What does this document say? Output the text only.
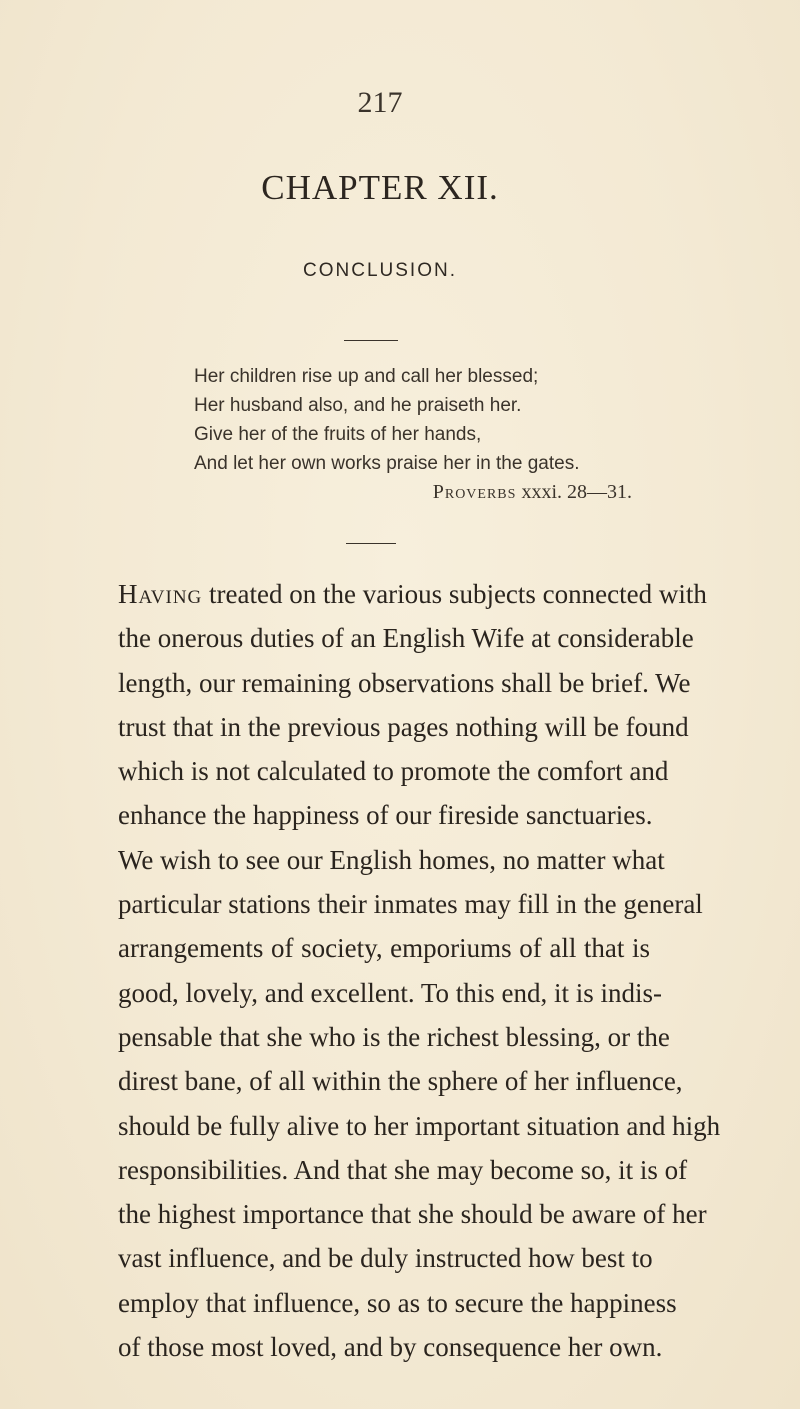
217
CHAPTER XII.
CONCLUSION.
Her children rise up and call her blessed;
Her husband also, and he praiseth her.
Give her of the fruits of her hands,
And let her own works praise her in the gates.
Proverbs xxxi. 28—31.
Having treated on the various subjects connected with
the onerous duties of an English Wife at considerable
length, our remaining observations shall be brief. We
trust that in the previous pages nothing will be found
which is not calculated to promote the comfort and
enhance the happiness of our fireside sanctuaries.
We wish to see our English homes, no matter what
particular stations their inmates may fill in the general
arrangements of society, emporiums of all that is
good, lovely, and excellent. To this end, it is indis-
pensable that she who is the richest blessing, or the
direst bane, of all within the sphere of her influence,
should be fully alive to her important situation and high
responsibilities. And that she may become so, it is of
the highest importance that she should be aware of her
vast influence, and be duly instructed how best to
employ that influence, so as to secure the happiness
of those most loved, and by consequence her own.
